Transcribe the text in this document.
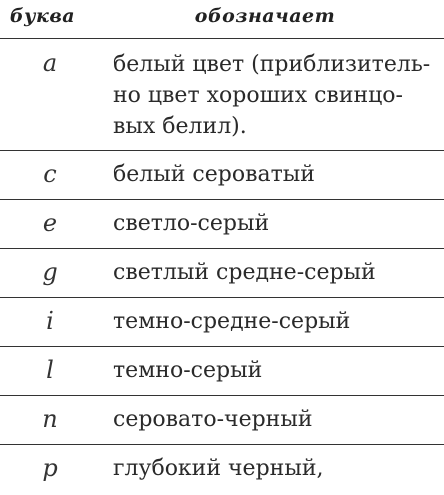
буква	обозначает
a	белый цвет (приблизитель-
но цвет хороших свинцо-
вых белил).
c	белый сероватый
e	светло-серый
g	светлый средне-серый
i	темно-средне-серый
l	темно-серый
n	серовато-черный
p	глубокий черный,
